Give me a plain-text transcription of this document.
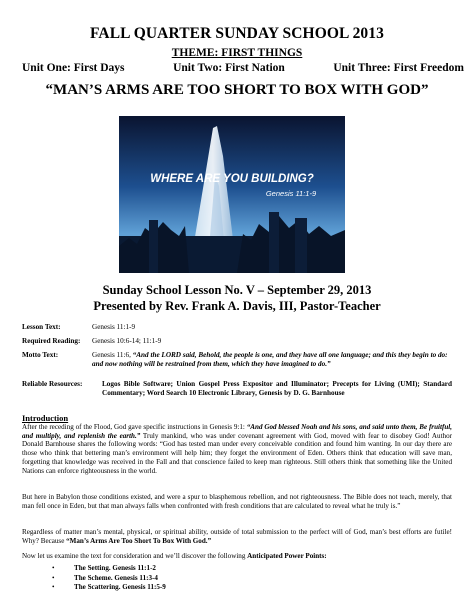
FALL QUARTER SUNDAY SCHOOL 2013
THEME: FIRST THINGS
Unit One: First Days	Unit Two: First Nation	Unit Three: First Freedom
“MAN’S ARMS ARE TOO SHORT TO BOX WITH GOD”
WHERE ARE YOU BUILDING?
Genesis 11:1-9
Sunday School Lesson No. V – September 29, 2013
Presented by Rev. Frank A. Davis, III, Pastor-Teacher
Lesson Text:	Genesis 11:1-9
Required Reading: Genesis 10:6-14; 11:1-9
Motto Text:	Genesis 11:6, “And the LORD said, Behold, the people is one, and they have all one language; and this they begin to do: and now nothing will be restrained from them, which they have imagined to do.”
Reliable Resources:	Logos Bible Software; Union Gospel Press Expositor and Illuminator; Precepts for Living (UMI); Standard Commentary; Word Search 10 Electronic Library, Genesis by D. G. Barnhouse
Introduction
After the receding of the Flood, God gave specific instructions in Genesis 9:1: “And God blessed Noah and his sons, and said unto them, Be fruitful, and multiply, and replenish the earth.” Truly mankind, who was under covenant agreement with God, moved with fear to disobey God! Author Donald Barnhouse shares the following words: “God has tested man under every conceivable condition and found him wanting. In our day there are those who think that bettering man’s environment will help him; they forget the environment of Eden. Others think that education will save man, forgetting that knowledge was received in the Fall and that conscience failed to keep man righteous. Still others think that something like the United Nations can enforce righteousness in the world.
But here in Babylon those conditions existed, and were a spur to blasphemous rebellion, and not righteousness. The Bible does not teach, merely, that man fell once in Eden, but that man always falls when confronted with fresh conditions that are calculated to reveal what he truly is.”
Regardless of matter man’s mental, physical, or spiritual ability, outside of total submission to the perfect will of God, man’s best efforts are futile! Why? Because “Man’s Arms Are Too Short To Box With God.”
Now let us examine the text for consideration and we’ll discover the following Anticipated Power Points:
•	The Setting. Genesis 11:1-2
•	The Scheme. Genesis 11:3-4
•	The Scattering. Genesis 11:5-9
